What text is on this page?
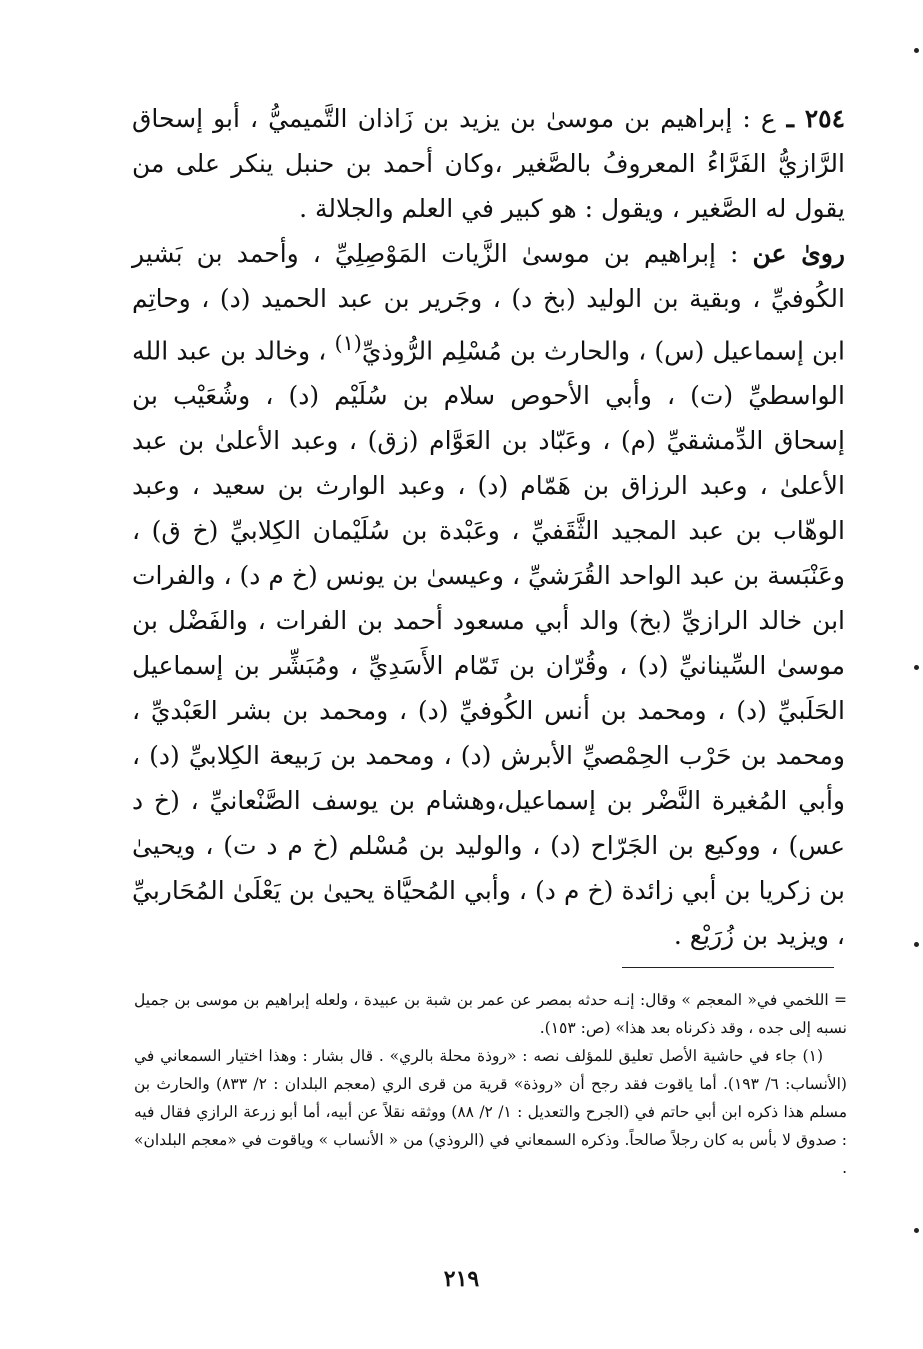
٢٥٤ ـ ع : إبراهيم بن موسىٰ بن يزيد بن زَاذان التَّميميُّ ، أبو إسحاق الرَّازيُّ الفَرَّاءُ المعروفُ بالصَّغير ،وكان أحمد بن حنبل ينكر على من يقول له الصَّغير ، ويقول : هو كبير في العلم والجلالة .

روىٰ عن : إبراهيم بن موسىٰ الزَّيات المَوْصِلِيِّ ، وأحمد بن بَشير الكُوفيِّ ، وبقية بن الوليد (بخ د) ، وجَرير بن عبد الحميد (د) ، وحاتِم ابن إسماعيل (س) ، والحارث بن مُسْلِم الرُّوذيِّ$^{(١)}$ ، وخالد بن عبد الله الواسطيِّ (ت) ، وأبي الأحوص سلام بن سُلَيْم (د) ، وشُعَيْب بن إسحاق الدِّمشقيِّ (م) ، وعَبّاد بن العَوَّام (زق) ، وعبد الأعلىٰ بن عبد الأعلىٰ ، وعبد الرزاق بن هَمّام (د) ، وعبد الوارث بن سعيد ، وعبد الوهّاب بن عبد المجيد الثَّقَفيِّ ، وعَبْدة بن سُلَيْمان الكِلابيِّ (خ ق) ، وعَنْبَسة بن عبد الواحد القُرَشيِّ ، وعيسىٰ بن يونس (خ م د) ، والفرات ابن خالد الرازيِّ (بخ) والد أبي مسعود أحمد بن الفرات ، والفَضْل بن موسىٰ السِّينانيِّ (د) ، وقُرّان بن تَمّام الأَسَدِيِّ ، ومُبَشِّر بن إسماعيل الحَلَبيِّ (د) ، ومحمد بن أنس الكُوفيِّ (د) ، ومحمد بن بشر العَبْديِّ ، ومحمد بن حَرْب الحِمْصيِّ الأبرش (د) ، ومحمد بن رَبيعة الكِلابيِّ (د) ، وأبي المُغيرة النَّضْر بن إسماعيل،وهشام بن يوسف الصَّنْعانيِّ ، (خ د عس) ، ووكيع بن الجَرّاح (د) ، والوليد بن مُسْلم (خ م د ت) ، ويحيىٰ بن زكريا بن أبي زائدة (خ م د) ، وأبي المُحيَّاة يحيىٰ بن يَعْلَىٰ المُحَاربيِّ ، ويزيد بن زُرَيْع .

= اللخمي في« المعجم » وقال: إنـه حدثه بمصر عن عمر بن شبة بن عبيدة ، ولعله إبراهيم بن موسى بن جميل نسبه إلى جده ، وقد ذكرناه بعد هذا» (ص: ١٥٣).

(١) جاء في حاشية الأصل تعليق للمؤلف نصه : «روذة محلة بالري» . قال بشار : وهذا اختيار السمعاني في (الأنساب: ٦/ ١٩٣). أما ياقوت فقد رجح أن «روذة» قرية من قرى الري (معجم البلدان : ٢/ ٨٣٣) والحارث بن مسلم هذا ذكره ابن أبي حاتم في (الجرح والتعديل : ١/ ٢/ ٨٨) ووثقه نقلاً عن أبيه، أما أبو زرعة الرازي فقال فيه : صدوق لا بأس به كان رجلاً صالحاً. وذكره السمعاني في (الروذي) من « الأنساب » وياقوت في «معجم البلدان» .

٢١٩
